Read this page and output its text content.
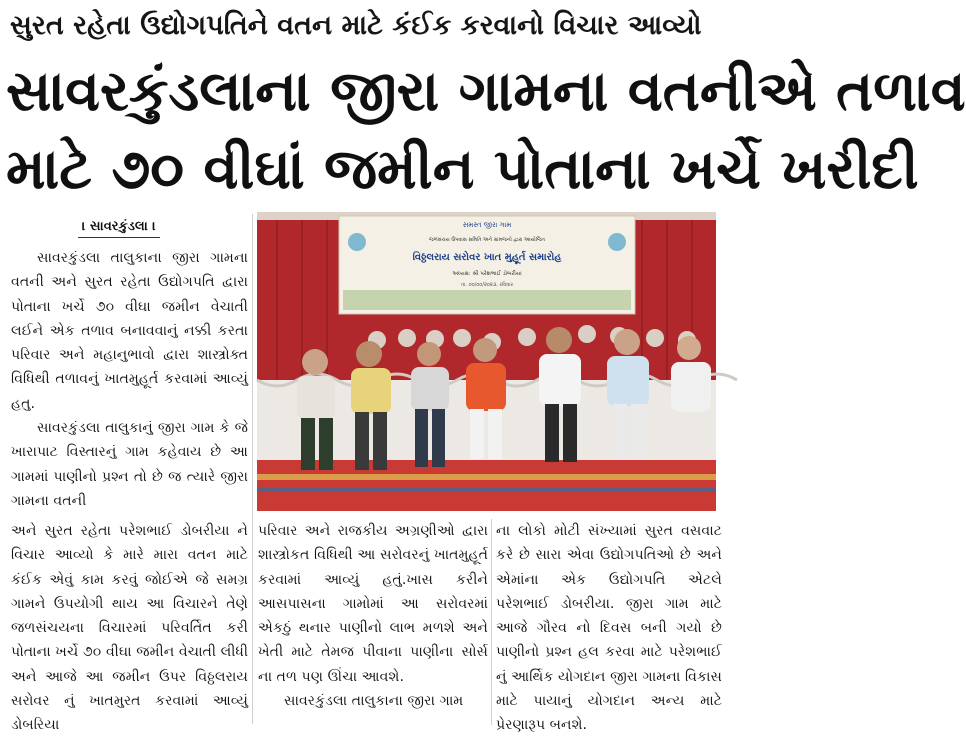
સુરત રહેતા ઉદ્યોગપતિને વતન માટે કંઈક કરવાનો વિચાર આવ્યો
સાવરકુંડલાના જીરા ગામના વતનીએ તળાવ
માટે ૭૦ વીઘાં જમીન પોતાના ખર્ચે ખરીદી
। સાવરકુંડલા ।

સાવરકુંડલા તાલુકાના જીરા ગામના વતની અને સુરત રહેતા ઉદ્યોગપતિ દ્વારા પોતાના ખર્ચે ૭૦ વીઘા જમીન વેચાતી લઈને એક તળાવ બનાવવાનું નક્કી કરતા પરિવાર અને મહાનુભાવો દ્વારા શાસ્ત્રોક્ત વિધિથી તળાવનું ખાતમુહૂર્ત કરવામાં આવ્યું હતુ.

સાવરકુંડલા તાલુકાનું જીરા ગામ કે જે ખારાપાટ વિસ્તારનું ગામ કહેવાય છે આ ગામમાં પાણીનો પ્રશ્ન તો છે જ ત્યારે જીરા ગામના વતની

સમસ્ત જીરા ગામ
જળસંચય ઉપવાસ સમિતિ અને ગ્રામજનો દ્વારા આયોજિત
વિઠ્ઠલરાય સરોવર ખાત મુહૂર્ત સમારોહ
અધ્યક્ષ: શ્રી પરેશભાઈ ડોબરીયા
તા. ૦૦/૦૦/૨૦૨૩, રવિવાર

અને સુરત રહેતા પરેશભાઈ ડોબરીયા ને વિચાર આવ્યો કે મારે મારા વતન માટે કંઈક એવું કામ કરવું જોઈએ જે સમગ્ર ગામને ઉપયોગી થાય આ વિચારને તેણે જળસંચયના વિચારમાં પરિવર્તિત કરી પોતાના ખર્ચે ૭૦ વીઘા જમીન વેચાતી લીધી અને આજે આ જમીન ઉપર વિઠ્ઠલરાય સરોવર નું ખાતમુરત કરવામાં આવ્યું ડોબરિયા

પરિવાર અને રાજકીય અગ્રણીઓ દ્વારા શાસ્ત્રોકત વિધિથી આ સરોવરનું ખાતમુહૂર્ત કરવામાં આવ્યું હતું.ખાસ કરીને આસપાસના ગામોમાં આ સરોવરમાં એકઠું થનાર પાણીનો લાભ મળશે અને ખેતી માટે તેમજ પીવાના પાણીના સોર્સ ના તળ પણ ઊંચા આવશે.

સાવરકુંડલા તાલુકાના જીરા ગામ

ના લોકો મોટી સંખ્યામાં સુરત વસવાટ કરે છે સારા એવા ઉદ્યોગપતિઓ છે અને એમાંના એક ઉદ્યોગપતિ એટલે પરેશભાઈ ડોબરીયા. જીરા ગામ માટે આજે ગૌરવ નો દિવસ બની ગયો છે પાણીનો પ્રશ્ન હલ કરવા માટે પરેશભાઈ નું આર્થિક યોગદાન જીરા ગામના વિકાસ માટે પાયાનું યોગદાન અન્ય માટે પ્રેરણારૂપ બનશે.
